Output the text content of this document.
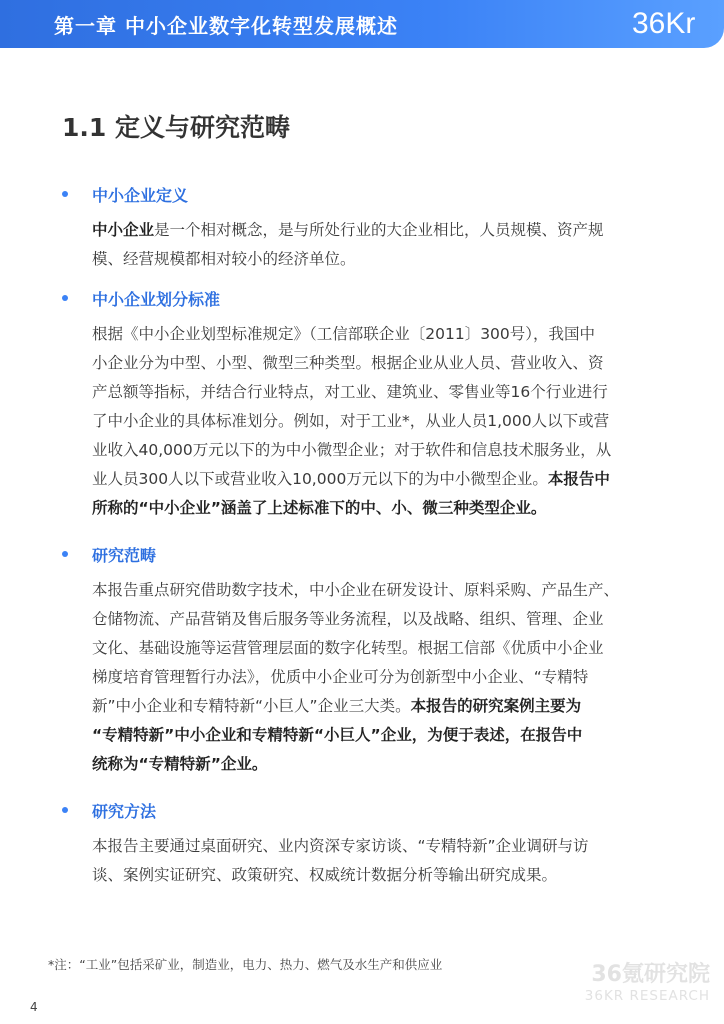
第一章 中小企业数字化转型发展概述	36Kr
1.1 定义与研究范畴
中小企业定义
中小企业是一个相对概念，是与所处行业的大企业相比，人员规模、资产规
模、经营规模都相对较小的经济单位。
中小企业划分标准
根据《中小企业划型标准规定》（工信部联企业〔2011〕300号），我国中
小企业分为中型、小型、微型三种类型。根据企业从业人员、营业收入、资
产总额等指标，并结合行业特点，对工业、建筑业、零售业等16个行业进行
了中小企业的具体标准划分。例如，对于工业*，从业人员1,000人以下或营
业收入40,000万元以下的为中小微型企业；对于软件和信息技术服务业，从
业人员300人以下或营业收入10,000万元以下的为中小微型企业。本报告中
所称的“中小企业”涵盖了上述标准下的中、小、微三种类型企业。
研究范畴
本报告重点研究借助数字技术，中小企业在研发设计、原料采购、产品生产、
仓储物流、产品营销及售后服务等业务流程，以及战略、组织、管理、企业
文化、基础设施等运营管理层面的数字化转型。根据工信部《优质中小企业
梯度培育管理暂行办法》，优质中小企业可分为创新型中小企业、“专精特
新”中小企业和专精特新“小巨人”企业三大类。本报告的研究案例主要为
“专精特新”中小企业和专精特新“小巨人”企业，为便于表述，在报告中
统称为“专精特新”企业。
研究方法
本报告主要通过桌面研究、业内资深专家访谈、“专精特新”企业调研与访
谈、案例实证研究、政策研究、权威统计数据分析等输出研究成果。
*注：“工业”包括采矿业，制造业，电力、热力、燃气及水生产和供应业	36氪研究院
36KR RESEARCH
4
